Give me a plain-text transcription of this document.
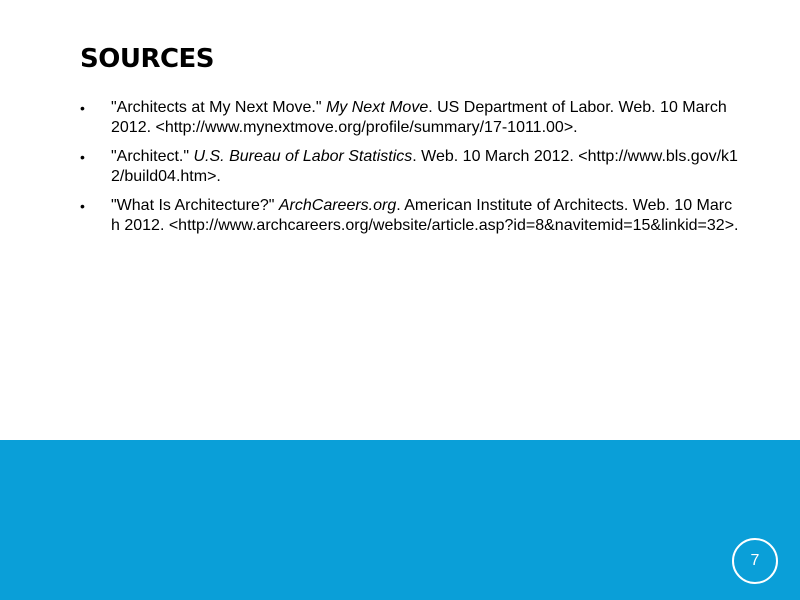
SOURCES
•	"Architects at My Next Move." My Next Move. US Department of Labor. Web. 10 March 2012. <http://www.mynextmove.org/profile/summary/17-1011.00>.
•	"Architect." U.S. Bureau of Labor Statistics. Web. 10 March 2012. <http://www.bls.gov/k12/build04.htm>.
•	"What Is Architecture?" ArchCareers.org. American Institute of Architects. Web. 10 March 2012. <http://www.archcareers.org/website/article.asp?id=8&navitemid=15&linkid=32>.
7
